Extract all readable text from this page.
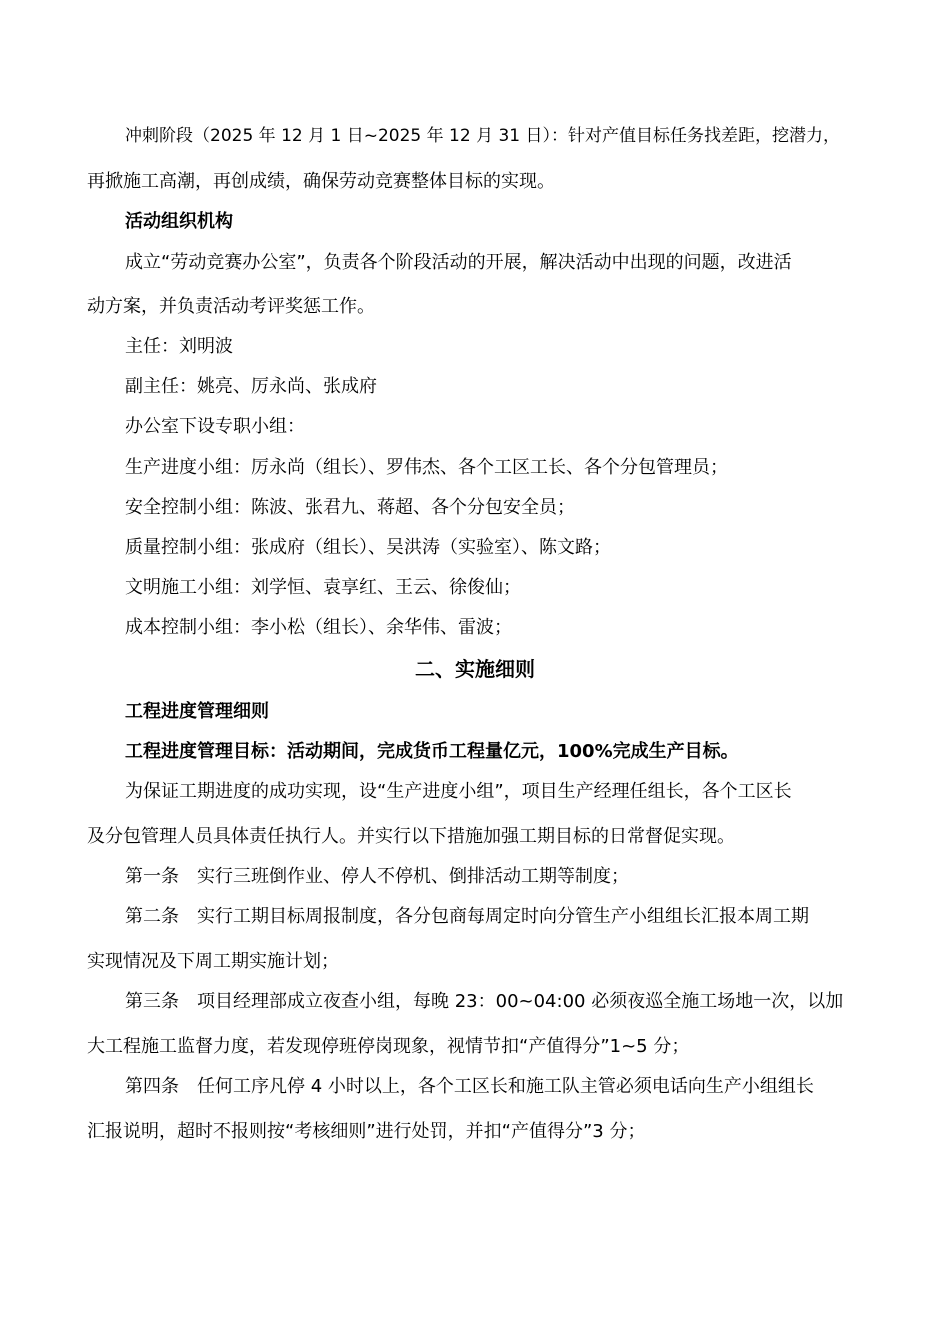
冲刺阶段（2025 年 12 月 1 日~2025 年 12 月 31 日）：针对产值目标任务找差距，挖潜力，
再掀施工高潮，再创成绩，确保劳动竞赛整体目标的实现。
活动组织机构
成立“劳动竞赛办公室”，负责各个阶段活动的开展，解决活动中出现的问题，改进活
动方案，并负责活动考评奖惩工作。
主任：刘明波
副主任：姚亮、厉永尚、张成府
办公室下设专职小组：
生产进度小组：厉永尚（组长）、罗伟杰、各个工区工长、各个分包管理员；
安全控制小组：陈波、张君九、蒋超、各个分包安全员；
质量控制小组：张成府（组长）、吴洪涛（实验室）、陈文路；
文明施工小组：刘学恒、袁享红、王云、徐俊仙；
成本控制小组：李小松（组长）、余华伟、雷波；
二、实施细则
工程进度管理细则
工程进度管理目标：活动期间，完成货币工程量亿元，100%完成生产目标。
为保证工期进度的成功实现，设“生产进度小组”，项目生产经理任组长，各个工区长
及分包管理人员具体责任执行人。并实行以下措施加强工期目标的日常督促实现。
第一条　实行三班倒作业、停人不停机、倒排活动工期等制度；
第二条　实行工期目标周报制度，各分包商每周定时向分管生产小组组长汇报本周工期
实现情况及下周工期实施计划；
第三条　项目经理部成立夜查小组，每晚 23：00~04:00 必须夜巡全施工场地一次，以加
大工程施工监督力度，若发现停班停岗现象，视情节扣“产值得分”1~5 分；
第四条　任何工序凡停 4 小时以上，各个工区长和施工队主管必须电话向生产小组组长
汇报说明，超时不报则按“考核细则”进行处罚，并扣“产值得分”3 分；
